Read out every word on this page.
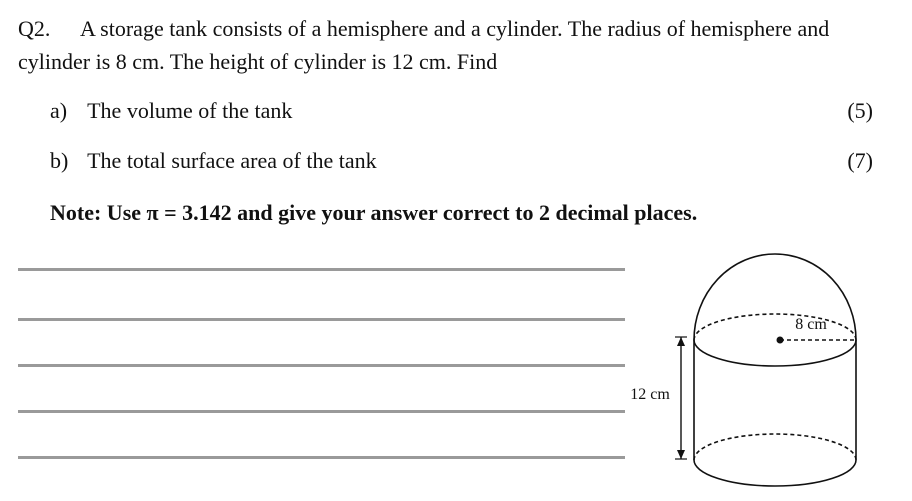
Q2. A storage tank consists of a hemisphere and a cylinder. The radius of hemisphere and cylinder is 8 cm. The height of cylinder is 12 cm. Find

a) The volume of the tank	(5)
b) The total surface area of the tank	(7)
Note: Use π = 3.142 and give your answer correct to 2 decimal places.
8 cm
12 cm
